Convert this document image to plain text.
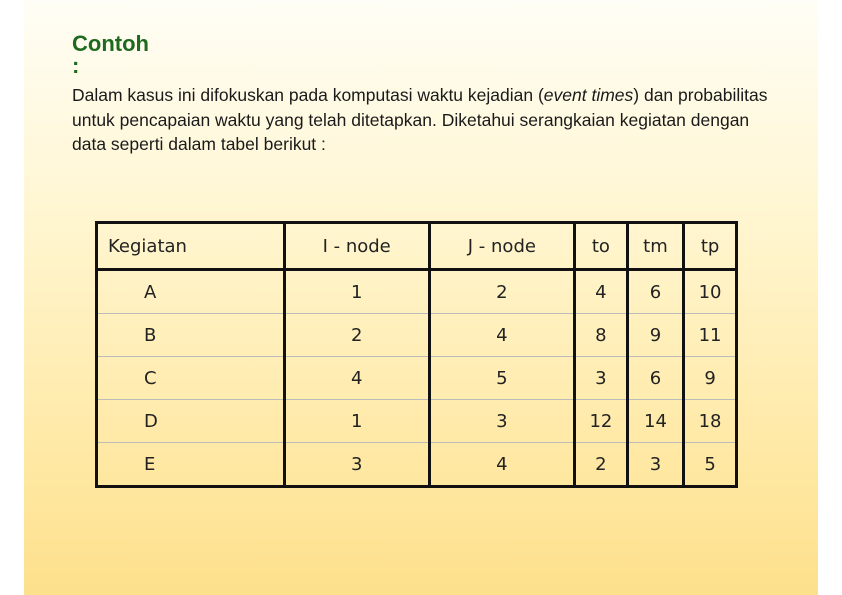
Contoh
:
Dalam kasus ini difokuskan pada komputasi waktu kejadian (event times) dan probabilitas untuk pencapaian waktu yang telah ditetapkan. Diketahui serangkaian kegiatan dengan data seperti dalam tabel berikut :
Kegiatan	I - node	J - node	to	tm	tp
A	1	2	4	6	10
B	2	4	8	9	11
C	4	5	3	6	9
D	1	3	12	14	18
E	3	4	2	3	5
